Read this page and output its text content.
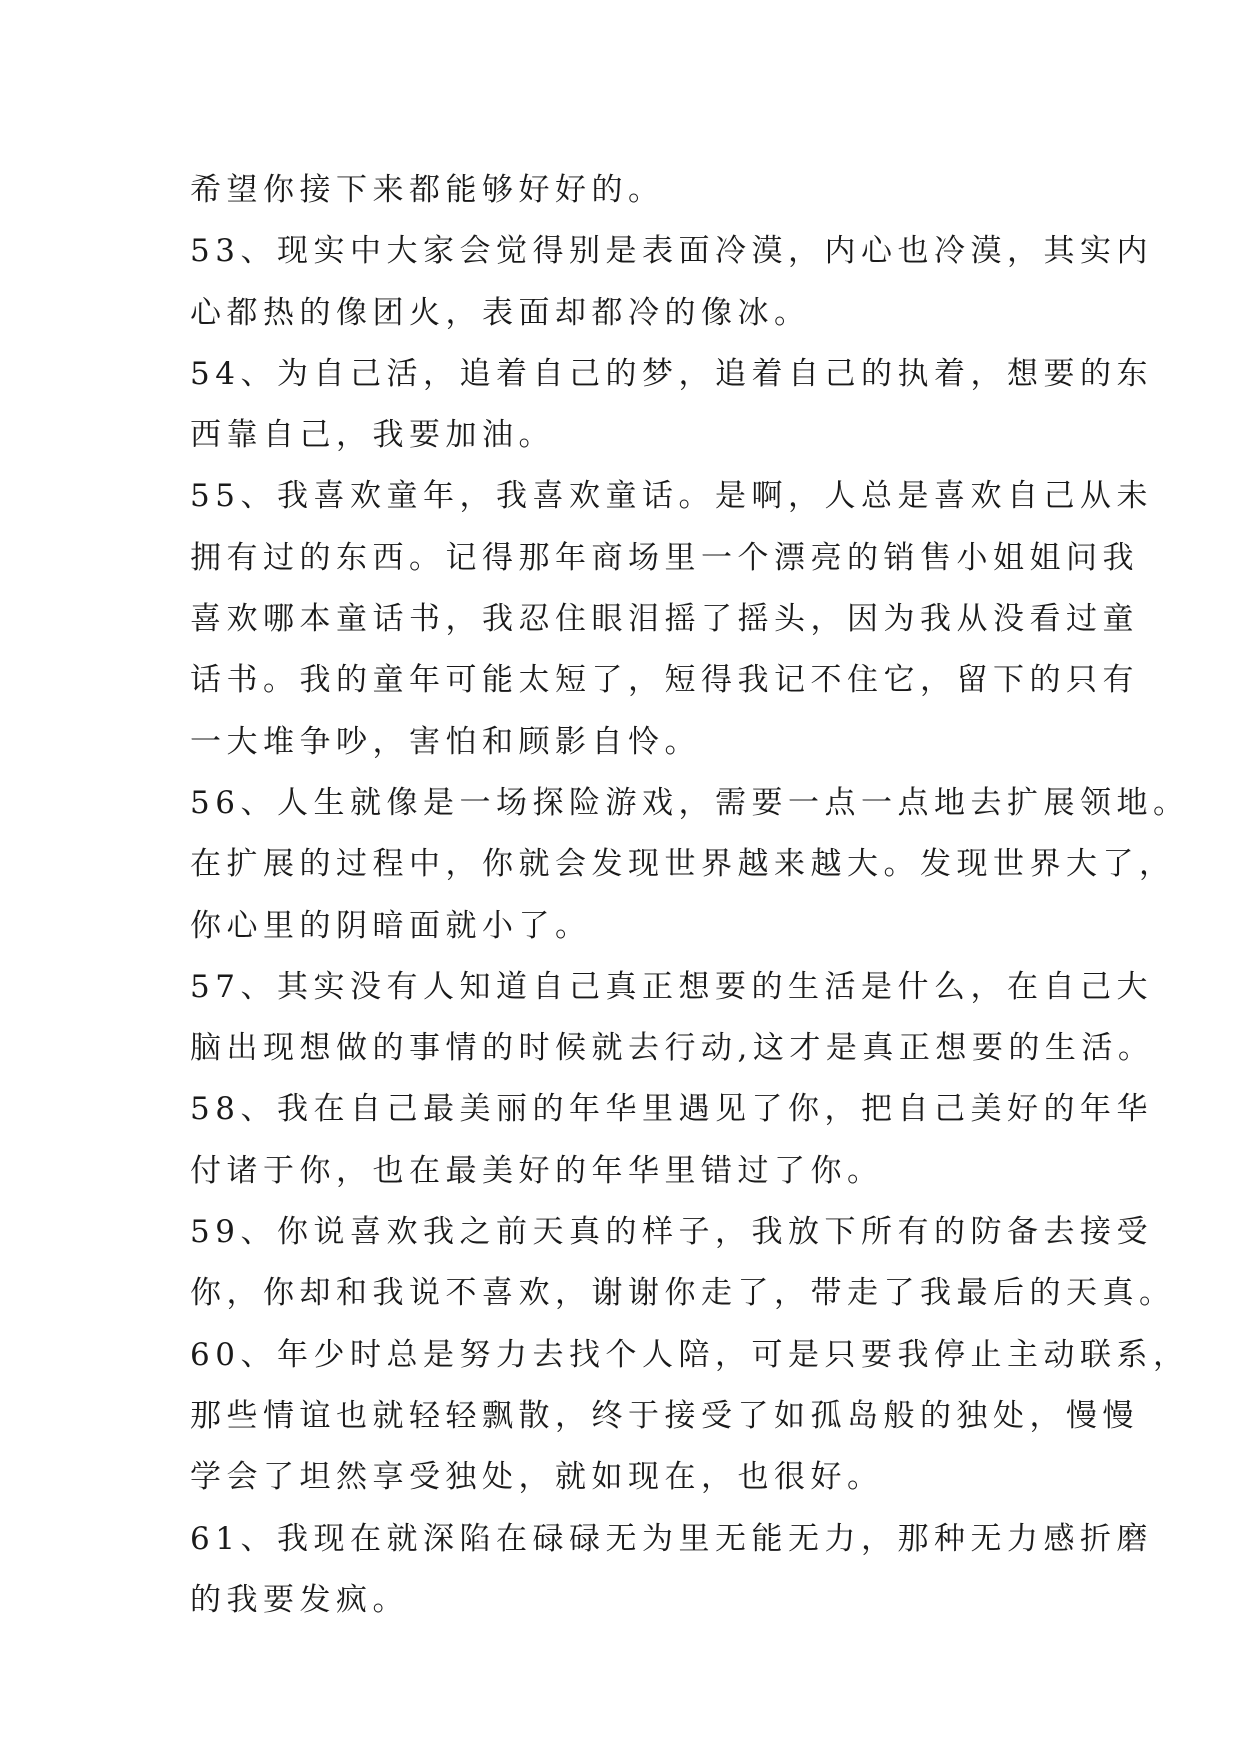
希望你接下来都能够好好的。

53、现实中大家会觉得别是表面冷漠，内心也冷漠，其实内

心都热的像团火，表面却都冷的像冰。

54、为自己活，追着自己的梦，追着自己的执着，想要的东

西靠自己，我要加油。

55、我喜欢童年，我喜欢童话。是啊，人总是喜欢自己从未

拥有过的东西。记得那年商场里一个漂亮的销售小姐姐问我

喜欢哪本童话书，我忍住眼泪摇了摇头，因为我从没看过童

话书。我的童年可能太短了，短得我记不住它，留下的只有

一大堆争吵，害怕和顾影自怜。

56、人生就像是一场探险游戏，需要一点一点地去扩展领地。

在扩展的过程中，你就会发现世界越来越大。发现世界大了，

你心里的阴暗面就小了。

57、其实没有人知道自己真正想要的生活是什么，在自己大

脑出现想做的事情的时候就去行动,这才是真正想要的生活。

58、我在自己最美丽的年华里遇见了你，把自己美好的年华

付诸于你，也在最美好的年华里错过了你。

59、你说喜欢我之前天真的样子，我放下所有的防备去接受

你，你却和我说不喜欢，谢谢你走了，带走了我最后的天真。

60、年少时总是努力去找个人陪，可是只要我停止主动联系，

那些情谊也就轻轻飘散，终于接受了如孤岛般的独处，慢慢

学会了坦然享受独处，就如现在，也很好。

61、我现在就深陷在碌碌无为里无能无力，那种无力感折磨

的我要发疯。
